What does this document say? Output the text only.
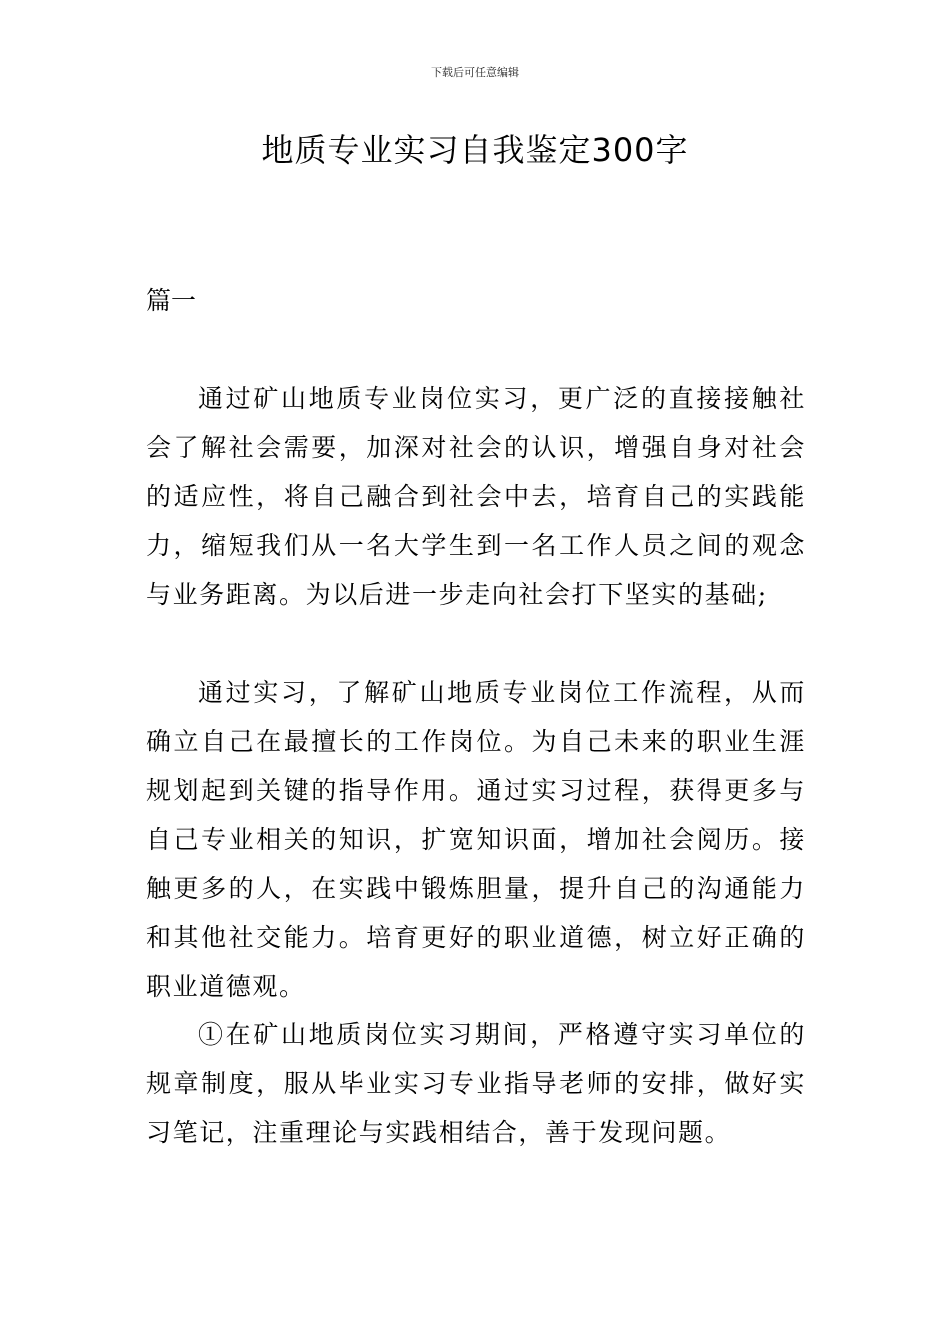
下载后可任意编辑
地质专业实习自我鉴定300字

篇一

通过矿山地质专业岗位实习，更广泛的直接接触社会了解社会需要，加深对社会的认识，增强自身对社会的适应性，将自己融合到社会中去，培育自己的实践能力，缩短我们从一名大学生到一名工作人员之间的观念与业务距离。为以后进一步走向社会打下坚实的基础;

通过实习，了解矿山地质专业岗位工作流程，从而确立自己在最擅长的工作岗位。为自己未来的职业生涯规划起到关键的指导作用。通过实习过程，获得更多与自己专业相关的知识，扩宽知识面，增加社会阅历。接触更多的人，在实践中锻炼胆量，提升自己的沟通能力和其他社交能力。培育更好的职业道德，树立好正确的职业道德观。

①在矿山地质岗位实习期间，严格遵守实习单位的规章制度，服从毕业实习专业指导老师的安排，做好实习笔记，注重理论与实践相结合，善于发现问题。
